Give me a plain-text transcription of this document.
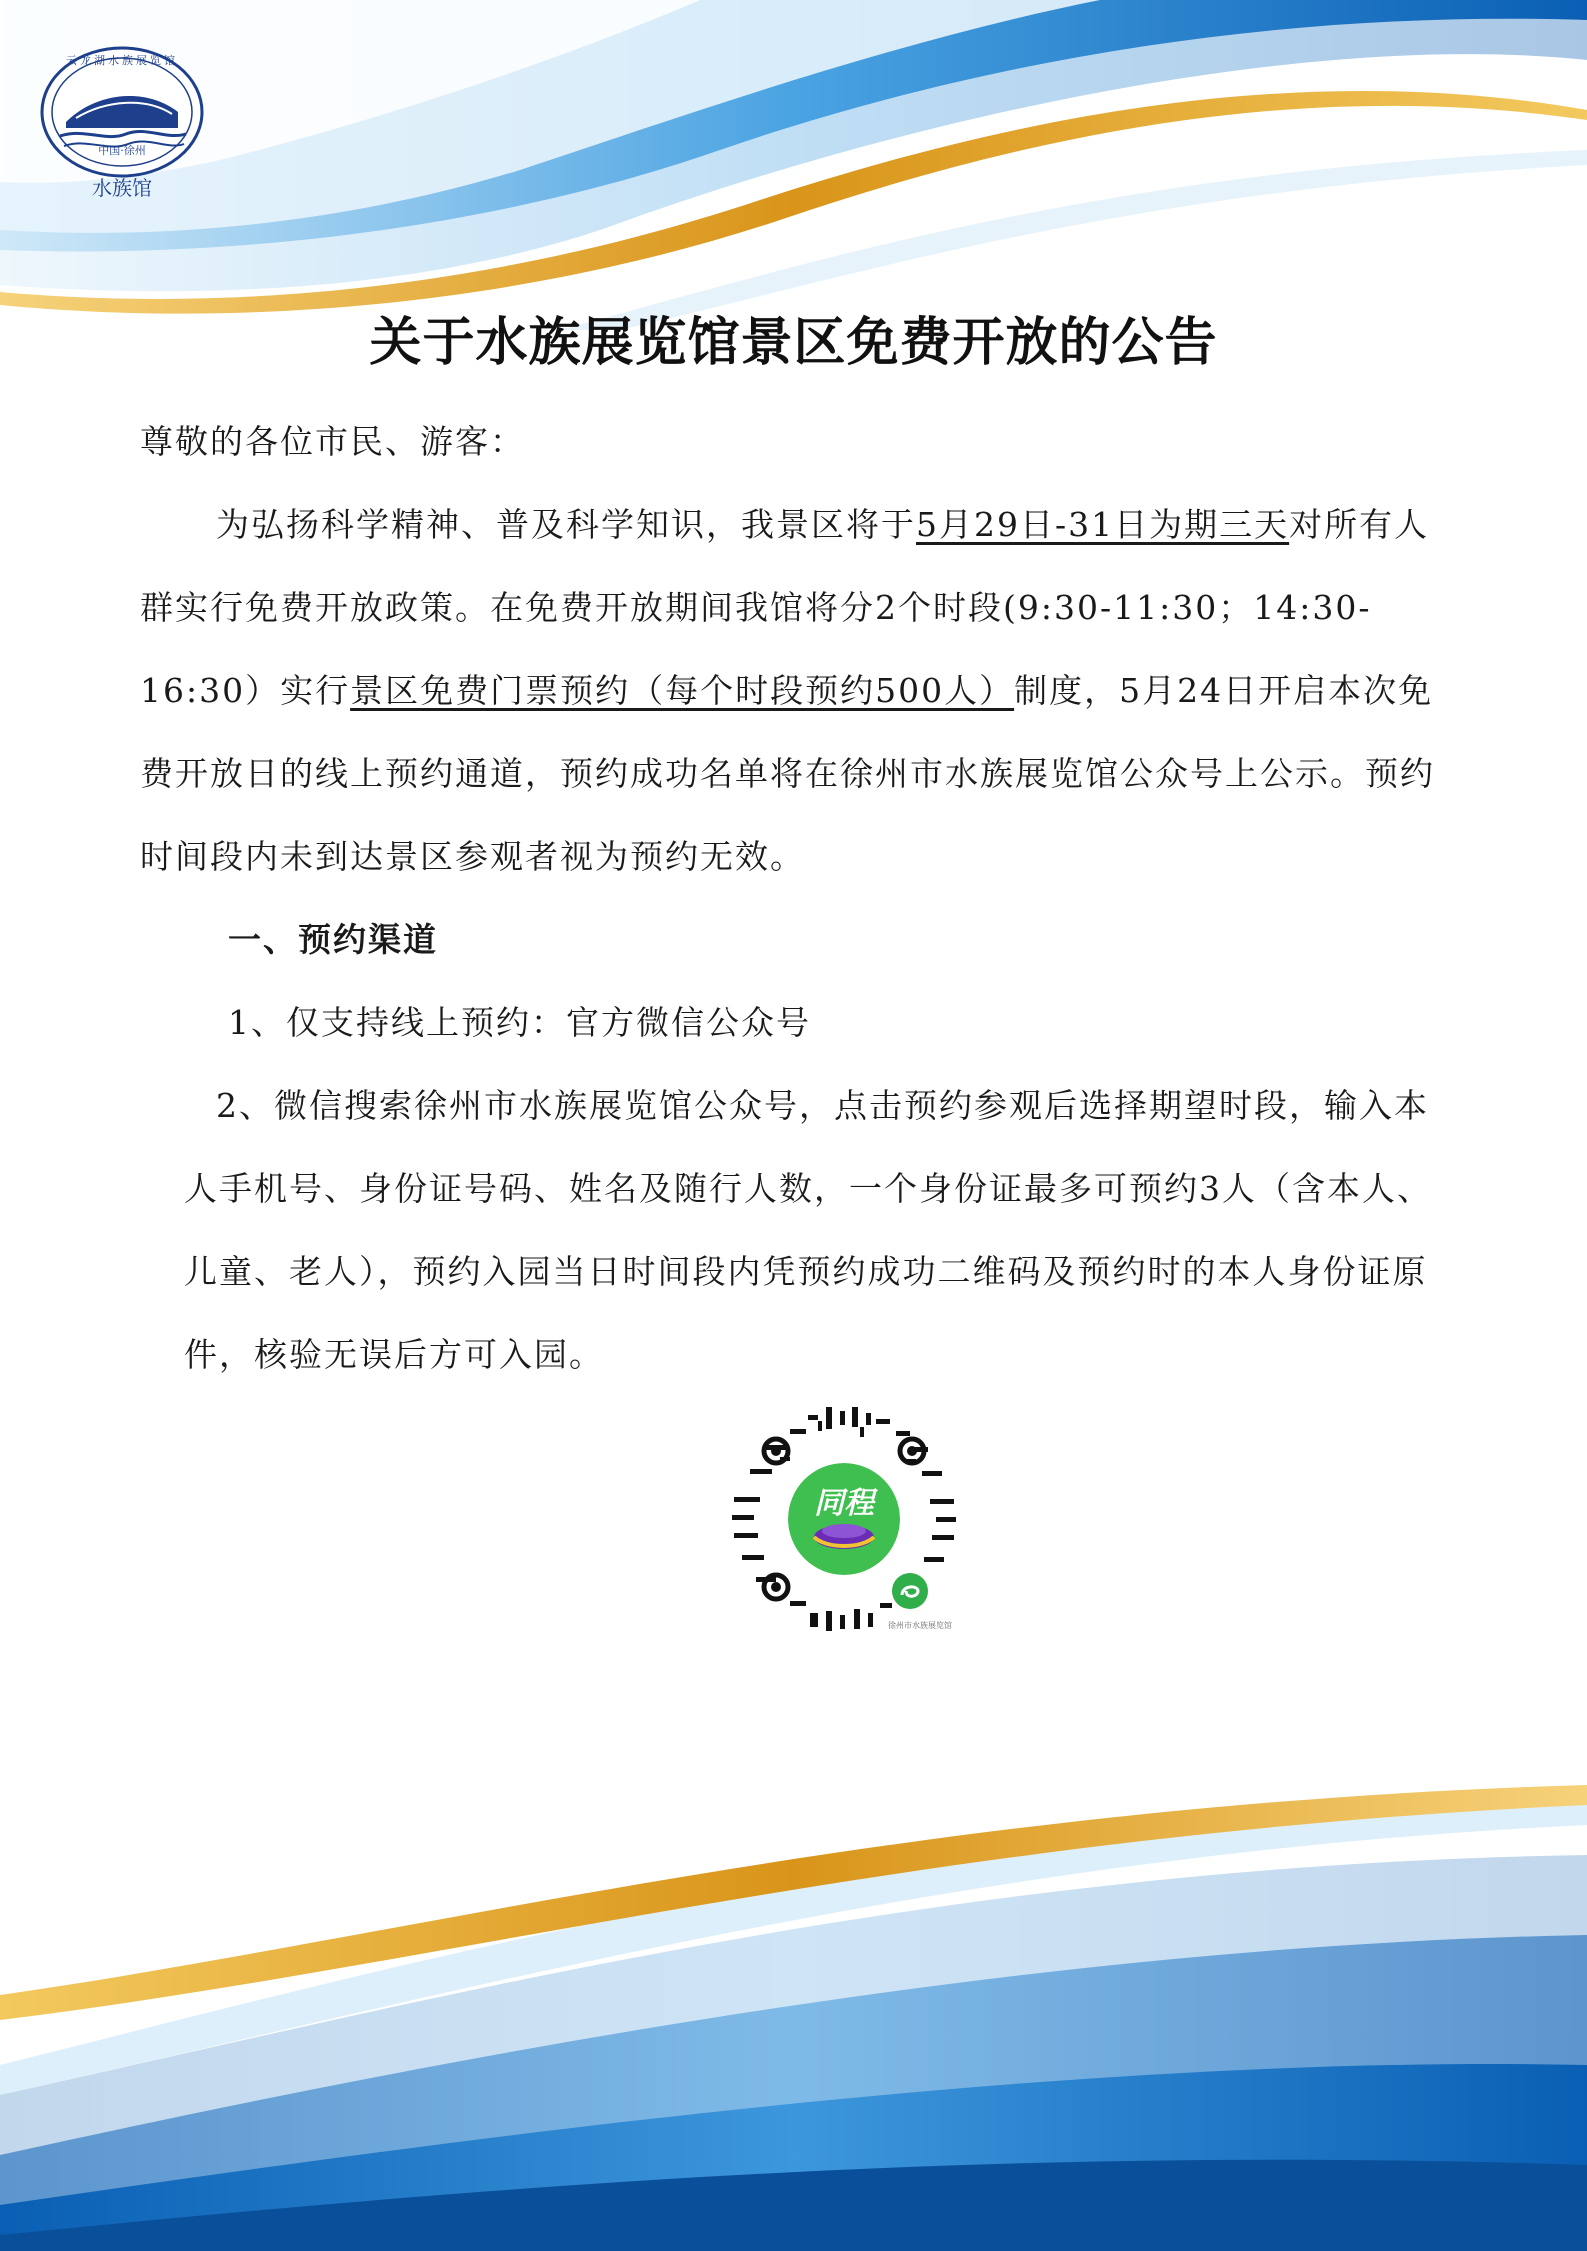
云龙湖水族展览馆
中国·徐州
水族馆
关于水族展览馆景区免费开放的公告

尊敬的各位市民、游客：

为弘扬科学精神、普及科学知识，我景区将于5月29日-31日为期三天对所有人群实行免费开放政策。在免费开放期间我馆将分2个时段(9:30-11:30；14:30-16:30）实行景区免费门票预约（每个时段预约500人）制度，5月24日开启本次免费开放日的线上预约通道，预约成功名单将在徐州市水族展览馆公众号上公示。预约时间段内未到达景区参观者视为预约无效。

一、预约渠道

1、仅支持线上预约：官方微信公众号

2、微信搜索徐州市水族展览馆公众号，点击预约参观后选择期望时段，输入本人手机号、身份证号码、姓名及随行人数，一个身份证最多可预约3人（含本人、儿童、老人），预约入园当日时间段内凭预约成功二维码及预约时的本人身份证原件，核验无误后方可入园。

同程
徐州市水族展览馆
